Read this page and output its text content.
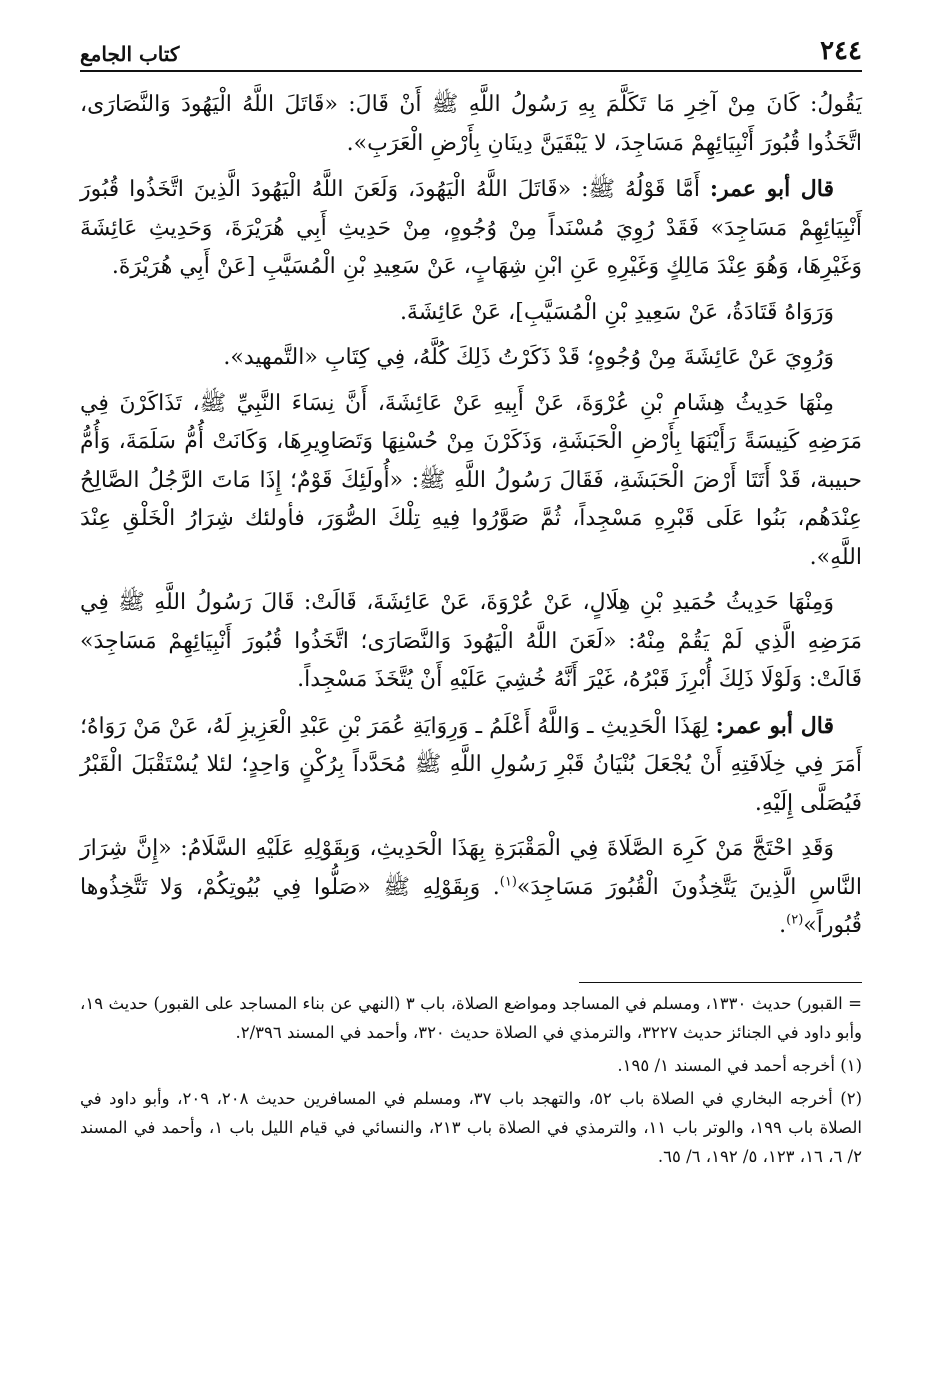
٢٤٤
كتاب الجامع

يَقُولُ: كَانَ مِنْ آخِرِ مَا تَكَلَّمَ بِهِ رَسُولُ اللَّهِ ﷺ أَنْ قَالَ: «قَاتَلَ اللَّهُ الْيَهُودَ وَالنَّصَارَى، اتَّخَذُوا قُبُورَ أَنْبِيَائِهِمْ مَسَاجِدَ، لا يَبْقَيَنَّ دِينَانِ بِأَرْضِ الْعَرَبِ».

قال أبو عمر: أَمَّا قَوْلُهُ ﷺ: «قَاتَلَ اللَّهُ الْيَهُودَ، وَلَعَنَ اللَّهُ الْيَهُودَ الَّذِينَ اتَّخَذُوا قُبُورَ أَنْبِيَائِهِمْ مَسَاجِدَ» فَقَدْ رُوِيَ مُسْنَداً مِنْ وُجُوهٍ، مِنْ حَدِيثِ أَبِي هُرَيْرَةَ، وَحَدِيثِ عَائِشَةَ وَغَيْرِهَا، وَهُوَ عِنْدَ مَالِكٍ وَغَيْرِهِ عَنِ ابْنِ شِهَابٍ، عَنْ سَعِيدِ بْنِ الْمُسَيَّبِ [عَنْ أَبِي هُرَيْرَةَ.

وَرَوَاهُ قَتَادَةُ، عَنْ سَعِيدِ بْنِ الْمُسَيَّبِ]، عَنْ عَائِشَةَ.

وَرُوِيَ عَنْ عَائِشَةَ مِنْ وُجُوهٍ؛ قَدْ ذَكَرْتُ ذَلِكَ كُلَّهُ، فِي كِتَابِ «التَّمهيد».

مِنْهَا حَدِيثُ هِشَامِ بْنِ عُرْوَةَ، عَنْ أَبِيهِ عَنْ عَائِشَةَ، أَنَّ نِسَاءَ النَّبِيِّ ﷺ، تَذَاكَرْنَ فِي مَرَضِهِ كَنِيسَةً رَأَيْنَهَا بِأَرْضِ الْحَبَشَةِ، وَذَكَرْنَ مِنْ حُسْنِهَا وَتَصَاوِيرِهَا، وَكَانَتْ أُمُّ سَلَمَةَ، وَأُمُّ حبيبة، قَدْ أَتَتَا أَرْضَ الْحَبَشَةِ، فَقَالَ رَسُولُ اللَّهِ ﷺ: «أُولَئِكَ قَوْمٌ؛ إِذَا مَاتَ الرَّجُلُ الصَّالِحُ عِنْدَهُم، بَنُوا عَلَى قَبْرِهِ مَسْجِداً، ثُمَّ صَوَّرُوا فِيهِ تِلْكَ الصُّوَرَ، فأولئك شِرَارُ الْخَلْقِ عِنْدَ اللَّهِ».

وَمِنْهَا حَدِيثُ حُمَيدِ بْنِ هِلَالٍ، عَنْ عُرْوَةَ، عَنْ عَائِشَةَ، قَالَتْ: قَالَ رَسُولُ اللَّهِ ﷺ فِي مَرَضِهِ الَّذِي لَمْ يَقُمْ مِنْهُ: «لَعَنَ اللَّهُ الْيَهُودَ وَالنَّصَارَى؛ اتَّخَذُوا قُبُورَ أَنْبِيَائِهِمْ مَسَاجِدَ» قَالَتْ: وَلَوْلَا ذَلِكَ أُبْرِزَ قَبْرُهُ، غَيْرَ أَنَّهُ خُشِيَ عَلَيْهِ أَنْ يُتَّخَذَ مَسْجِداً.

قال أبو عمر: لِهَذَا الْحَدِيثِ ـ وَاللَّهُ أَعْلَمُ ـ وَرِوَايَةِ عُمَرَ بْنِ عَبْدِ الْعَزِيزِ لَهُ، عَنْ مَنْ رَوَاهُ؛ أَمَرَ فِي خِلَافَتِهِ أَنْ يُجْعَلَ بُنْيَانُ قَبْرِ رَسُولِ اللَّهِ ﷺ مُحَدَّداً بِرُكْنٍ وَاحِدٍ؛ لئلا يُسْتَقْبَلَ الْقَبْرُ فَيُصَلَّى إِلَيْهِ.

وَقَدِ احْتَجَّ مَنْ كَرِهَ الصَّلَاةَ فِي الْمَقْبَرَةِ بِهَذَا الْحَدِيثِ، وَبِقَوْلِهِ عَلَيْهِ السَّلَامُ: «إِنَّ شِرَارَ النَّاسِ الَّذِينَ يَتَّخِذُونَ الْقُبُورَ مَسَاجِدَ»$^{(١)}$. وَبِقَوْلِهِ ﷺ «صَلُّوا فِي بُيُوتِكُمْ، وَلا تَتَّخِذُوها قُبُوراً»$^{(٢)}$.

= القبور) حديث ١٣٣٠، ومسلم في المساجد ومواضع الصلاة، باب ٣ (النهي عن بناء المساجد على القبور) حديث ١٩، وأبو داود في الجنائز حديث ٣٢٢٧، والترمذي في الصلاة حديث ٣٢٠، وأحمد في المسند ٢/٣٩٦.

(١) أخرجه أحمد في المسند ١/ ١٩٥.

(٢) أخرجه البخاري في الصلاة باب ٥٢، والتهجد باب ٣٧، ومسلم في المسافرين حديث ٢٠٨، ٢٠٩، وأبو داود في الصلاة باب ١٩٩، والوتر باب ١١، والترمذي في الصلاة باب ٢١٣، والنسائي في قيام الليل باب ١، وأحمد في المسند ٢/ ٦، ١٦، ١٢٣، ٥/ ١٩٢، ٦/ ٦٥.
